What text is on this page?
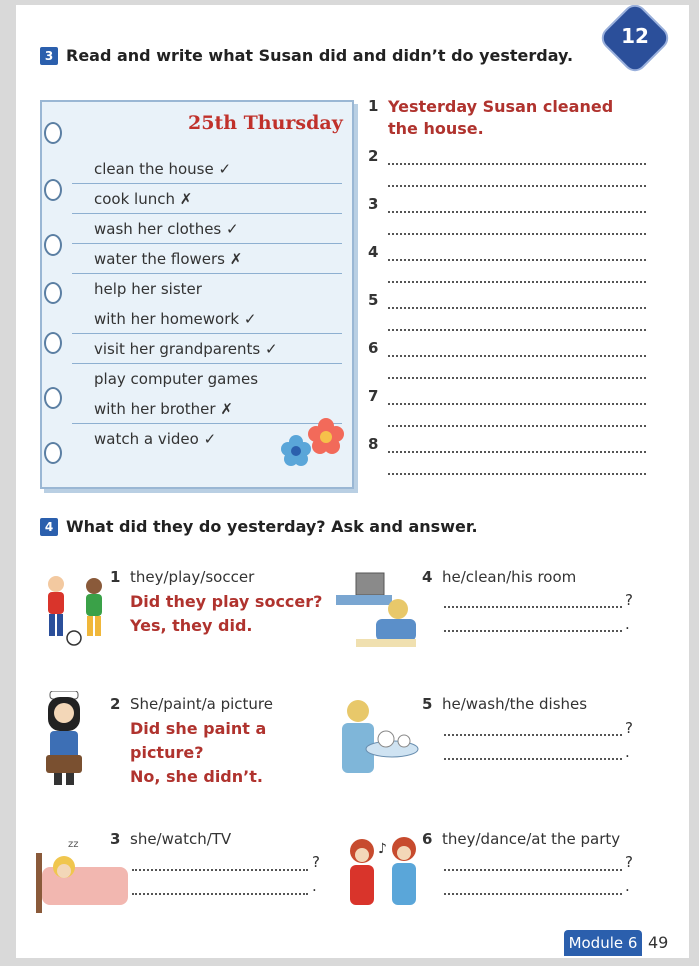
12
3 Read and write what Susan did and didn’t do yesterday.
25th Thursday
clean the house ✓
cook lunch ✗
wash her clothes ✓
water the flowers ✗
help her sister
with her homework ✓
visit her grandparents ✓
play computer games
with her brother ✗
watch a video ✓
1 Yesterday Susan cleaned the house.
2
3
4
5
6
7
8
4 What did they do yesterday? Ask and answer.
1 they/play/soccer
Did they play soccer?
Yes, they did.
4 he/clean/his room
?
.
2 She/paint/a picture
Did she paint a
picture?
No, she didn’t.
5 he/wash/the dishes
?
.
zz 3 she/watch/TV
?
.
♪
6 they/dance/at the party
?
.
Module 6 49
